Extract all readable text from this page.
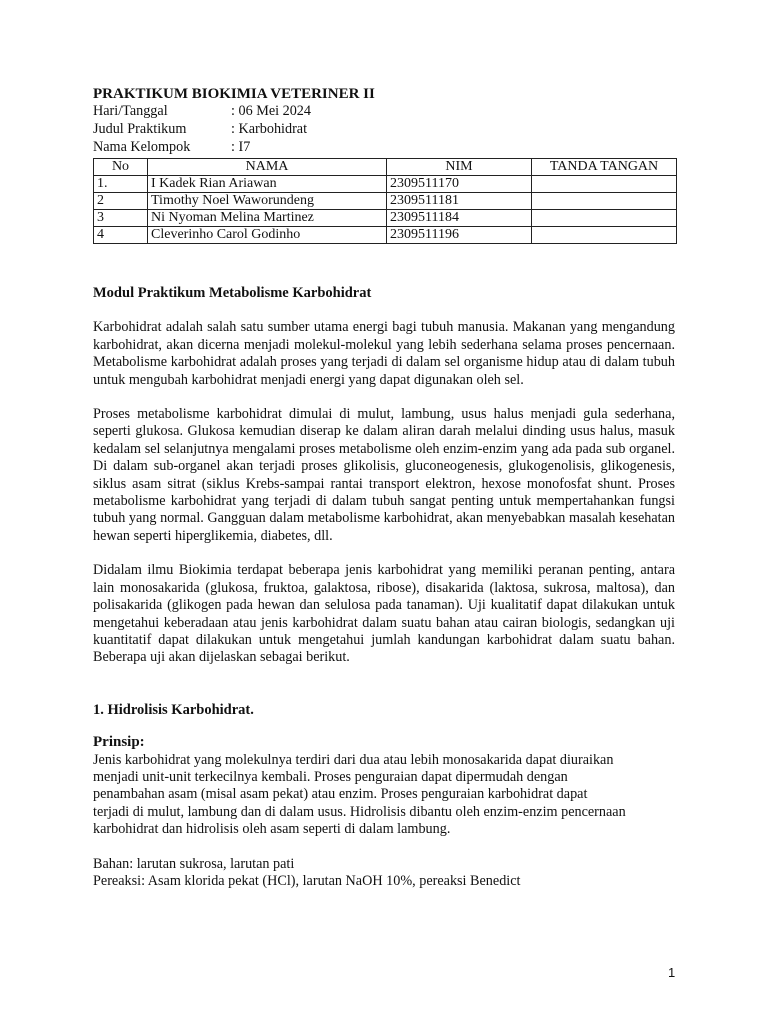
PRAKTIKUM BIOKIMIA VETERINER II

Hari/Tanggal	: 06 Mei 2024
Judul Praktikum	: Karbohidrat
Nama Kelompok	: I7
No	NAMA	NIM	TANDA TANGAN
1.	I Kadek Rian Ariawan	2309511170	
2	Timothy Noel Waworundeng	2309511181	
3	Ni Nyoman Melina Martinez	2309511184	
4	Cleverinho Carol Godinho	2309511196	

Modul Praktikum Metabolisme Karbohidrat

Karbohidrat adalah salah satu sumber utama energi bagi tubuh manusia. Makanan yang mengandung karbohidrat, akan dicerna menjadi molekul-molekul yang lebih sederhana selama proses pencernaan. Metabolisme karbohidrat adalah proses yang terjadi di dalam sel organisme hidup atau di dalam tubuh untuk mengubah karbohidrat menjadi energi yang dapat digunakan oleh sel.

Proses metabolisme karbohidrat dimulai di mulut, lambung, usus halus menjadi gula sederhana, seperti glukosa. Glukosa kemudian diserap ke dalam aliran darah melalui dinding usus halus, masuk kedalam sel selanjutnya mengalami proses metabolisme oleh enzim-enzim yang ada pada sub organel. Di dalam sub-organel akan terjadi proses glikolisis, gluconeogenesis, glukogenolisis, glikogenesis, siklus asam sitrat (siklus Krebs-sampai rantai transport elektron, hexose monofosfat shunt. Proses metabolisme karbohidrat yang terjadi di dalam tubuh sangat penting untuk mempertahankan fungsi tubuh yang normal. Gangguan dalam metabolisme karbohidrat, akan menyebabkan masalah kesehatan hewan seperti hiperglikemia, diabetes, dll.

Didalam ilmu Biokimia terdapat beberapa jenis karbohidrat yang memiliki peranan penting, antara lain monosakarida (glukosa, fruktoa, galaktosa, ribose), disakarida (laktosa, sukrosa, maltosa), dan polisakarida (glikogen pada hewan dan selulosa pada tanaman). Uji kualitatif dapat dilakukan untuk mengetahui keberadaan atau jenis karbohidrat dalam suatu bahan atau cairan biologis, sedangkan uji kuantitatif dapat dilakukan untuk mengetahui jumlah kandungan karbohidrat dalam suatu bahan. Beberapa uji akan dijelaskan sebagai berikut.

1. Hidrolisis Karbohidrat.

Prinsip:

Jenis karbohidrat yang molekulnya terdiri dari dua atau lebih monosakarida dapat diuraikan
menjadi unit-unit terkecilnya kembali. Proses penguraian dapat dipermudah dengan
penambahan asam (misal asam pekat) atau enzim. Proses penguraian karbohidrat dapat
terjadi di mulut, lambung dan di dalam usus. Hidrolisis dibantu oleh enzim-enzim pencernaan
karbohidrat dan hidrolisis oleh asam seperti di dalam lambung.

Bahan: larutan sukrosa, larutan pati

Pereaksi: Asam klorida pekat (HCl), larutan NaOH 10%, pereaksi Benedict

1
